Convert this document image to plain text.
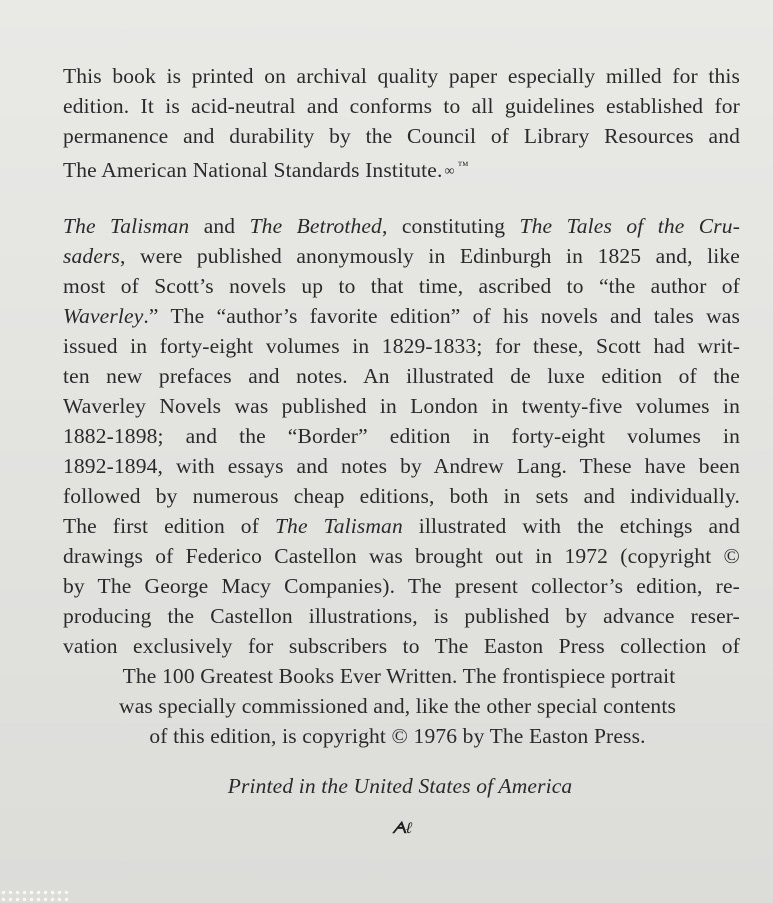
This book is printed on archival quality paper especially milled for this
edition. It is acid-neutral and conforms to all guidelines established for
permanence and durability by the Council of Library Resources and
The American National Standards Institute. ∞ ™
The Talisman and The Betrothed, constituting The Tales of the Cru-
saders, were published anonymously in Edinburgh in 1825 and, like
most of Scott’s novels up to that time, ascribed to “the author of
Waverley.” The “author’s favorite edition” of his novels and tales was
issued in forty-eight volumes in 1829-1833; for these, Scott had writ-
ten new prefaces and notes. An illustrated de luxe edition of the
Waverley Novels was published in London in twenty-five volumes in
1882-1898; and the “Border” edition in forty-eight volumes in
1892-1894, with essays and notes by Andrew Lang. These have been
followed by numerous cheap editions, both in sets and individually.
The first edition of The Talisman illustrated with the etchings and
drawings of Federico Castellon was brought out in 1972 (copyright ©
by The George Macy Companies). The present collector’s edition, re-
producing the Castellon illustrations, is published by advance reser-
vation exclusively for subscribers to The Easton Press collection of
The 100 Greatest Books Ever Written. The frontispiece portrait
was specially commissioned and, like the other special contents
of this edition, is copyright © 1976 by The Easton Press.
Printed in the United States of America
ᗅℓ
